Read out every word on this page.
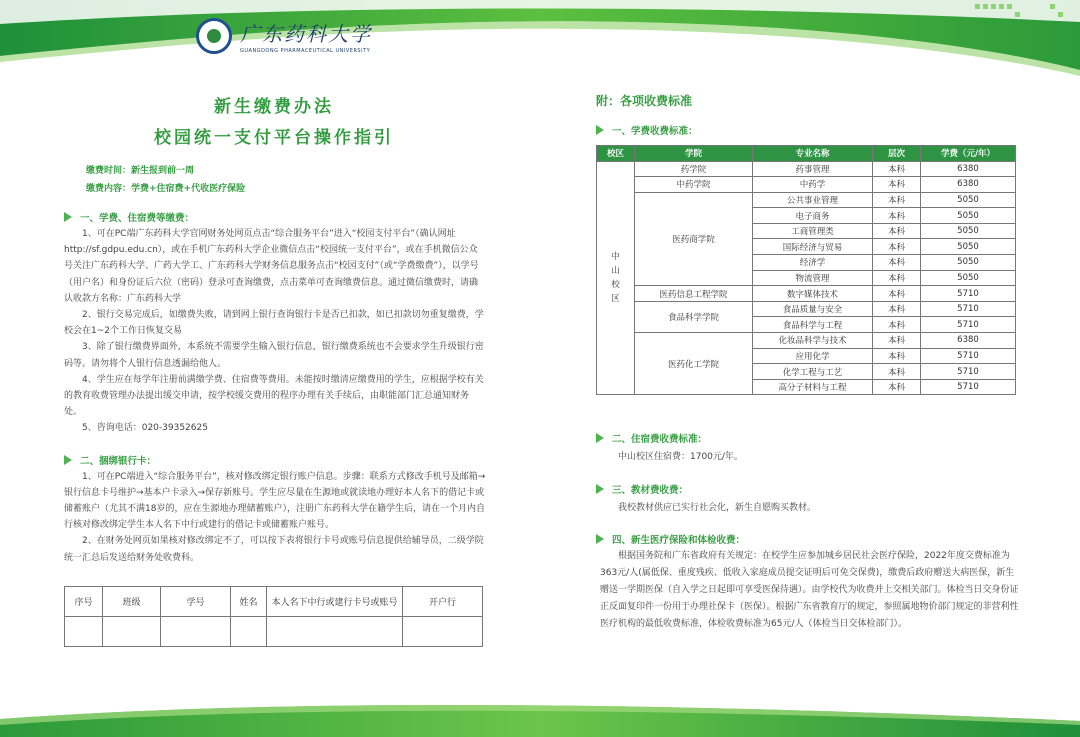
广东药科大学
GUANGDONG PHARMACEUTICAL UNIVERSITY
新生缴费办法
校园统一支付平台操作指引
缴费时间：新生报到前一周
缴费内容：学费+住宿费+代收医疗保险
一、学费、住宿费等缴费：

1、可在PC端广东药科大学官网财务处网页点击“综合服务平台”进入“校园支付平台”（确认网址http://sf.gdpu.edu.cn），或在手机广东药科大学企业微信点击“校园统一支付平台”，或在手机微信公众号关注广东药科大学、广药大学工、广东药科大学财务信息服务点击“校园支付”（或“学费缴费”），以学号（用户名）和身份证后六位（密码）登录可查询缴费，点击菜单可查询缴费信息。通过微信缴费时，请确认收款方名称：广东药科大学

2、银行交易完成后，如缴费失败，请到网上银行查询银行卡是否已扣款，如已扣款切勿重复缴费，学校会在1~2个工作日恢复交易

3、除了银行缴费界面外，本系统不需要学生输入银行信息，银行缴费系统也不会要求学生升级银行密码等。请勿将个人银行信息透漏给他人。

4、学生应在每学年注册前满缴学费、住宿费等费用。未能按时缴清应缴费用的学生，应根据学校有关的教育收费管理办法提出缓交申请，按学校缓交费用的程序办理有关手续后，由职能部门汇总通知财务处。

5、咨询电话：020-39352625

二、捆绑银行卡：

1、可在PC端进入“综合服务平台”，核对修改绑定银行账户信息。步骤：联系方式修改手机号及邮箱→银行信息卡号维护→基本户卡录入→保存新账号。学生应尽量在生源地或就读地办理好本人名下的借记卡或储蓄账户（尤其不满18岁的，应在生源地办理储蓄账户），注册广东药科大学在籍学生后，请在一个月内自行核对修改绑定学生本人名下中行或建行的借记卡或储蓄账户账号。

2、在财务处网页如果核对修改绑定不了，可以按下表将银行卡号或账号信息提供给辅导员，二级学院统一汇总后发送给财务处收费科。

序号	班级	学号	姓名	本人名下中行或建行卡号或账号	开户行

附：各项收费标准
一、学费收费标准：
校区	学院	专业名称	层次	学费（元/年）

中
山
校
区	药学院	药事管理	本科	6380
	中药学院	中药学	本科	6380
	医药商学院	公共事业管理	本科	5050
		电子商务	本科	5050
		工商管理类	本科	5050
		国际经济与贸易	本科	5050
		经济学	本科	5050
		物流管理	本科	5050
	医药信息工程学院	数字媒体技术	本科	5710
	食品科学学院	食品质量与安全	本科	5710
		食品科学与工程	本科	5710
	医药化工学院	化妆品科学与技术	本科	6380
		应用化学	本科	5710
		化学工程与工艺	本科	5710
		高分子材料与工程	本科	5710
二、住宿费收费标准：

中山校区住宿费：1700元/年。

三、教材费收费：

我校教材供应已实行社会化，新生自愿购买教材。

四、新生医疗保险和体检收费：

根据国务院和广东省政府有关规定：在校学生应参加城乡居民社会医疗保险，2022年度交费标准为363元/人(属低保、重度残疾、低收入家庭成员提交证明后可免交保费)，缴费后政府赠送大病医保，新生赠送一学期医保（自入学之日起即可享受医保待遇）。由学校代为收费并上交相关部门。体检当日交身份证正反面复印件一份用于办理社保卡（医保）。根据广东省教育厅的规定，参照属地物价部门规定的非营利性医疗机构的最低收费标准，体检收费标准为65元/人（体检当日交体检部门）。
